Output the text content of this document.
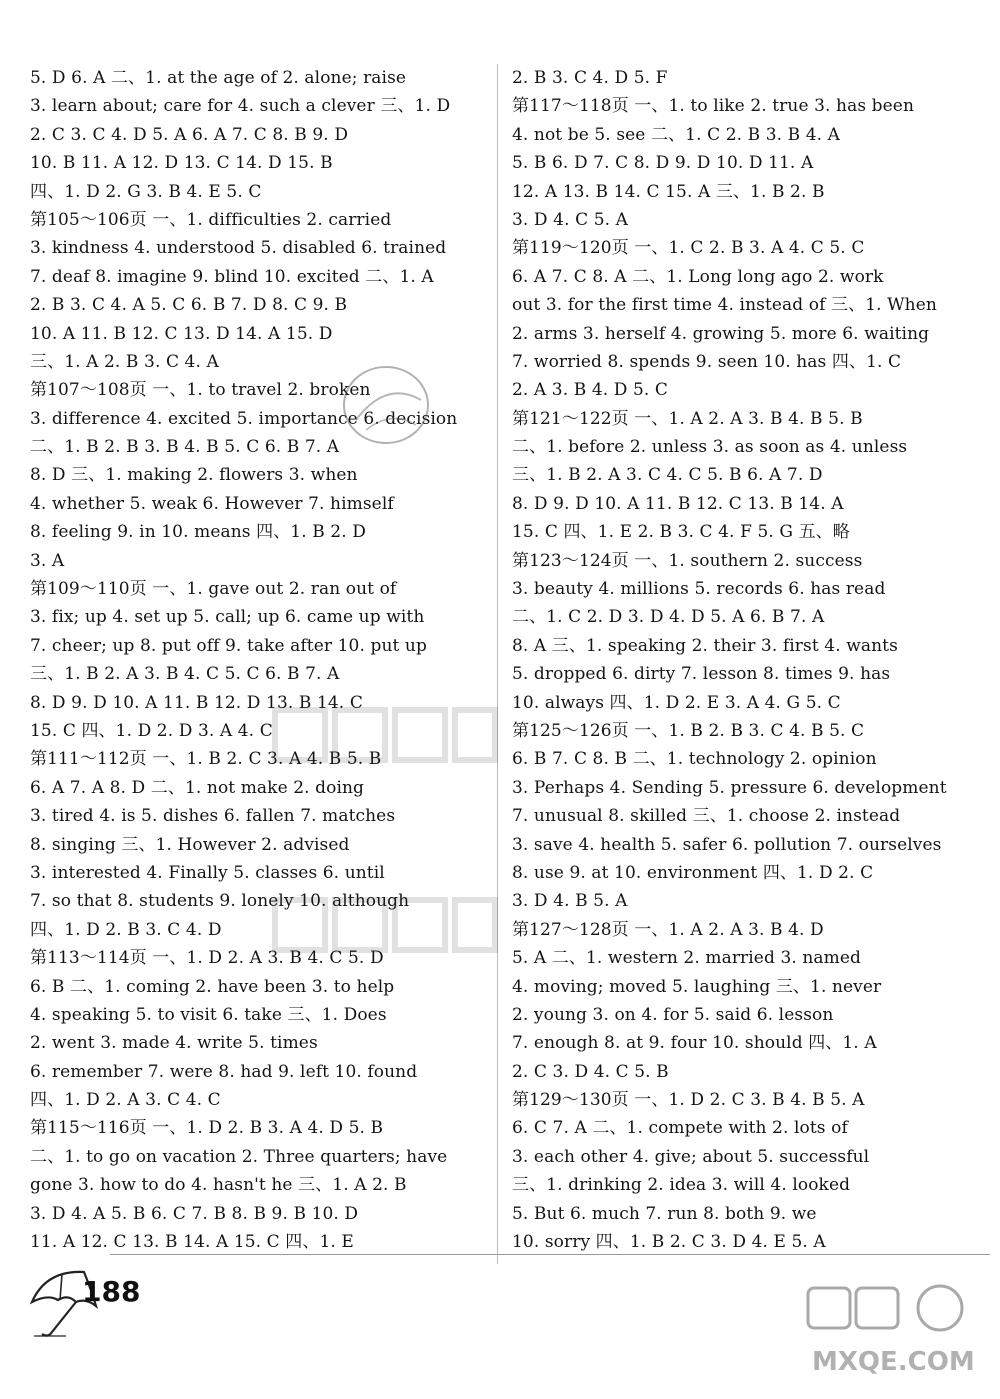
5. D 6. A 二、1. at the age of 2. alone; raise
3. learn about; care for 4. such a clever 三、1. D
2. C 3. C 4. D 5. A 6. A 7. C 8. B 9. D
10. B 11. A 12. D 13. C 14. D 15. B
四、1. D 2. G 3. B 4. E 5. C
第105～106页 一、1. difficulties 2. carried
3. kindness 4. understood 5. disabled 6. trained
7. deaf 8. imagine 9. blind 10. excited 二、1. A
2. B 3. C 4. A 5. C 6. B 7. D 8. C 9. B
10. A 11. B 12. C 13. D 14. A 15. D
三、1. A 2. B 3. C 4. A
第107～108页 一、1. to travel 2. broken
3. difference 4. excited 5. importance 6. decision
二、1. B 2. B 3. B 4. B 5. C 6. B 7. A
8. D 三、1. making 2. flowers 3. when
4. whether 5. weak 6. However 7. himself
8. feeling 9. in 10. means 四、1. B 2. D
3. A
第109～110页 一、1. gave out 2. ran out of
3. fix; up 4. set up 5. call; up 6. came up with
7. cheer; up 8. put off 9. take after 10. put up
三、1. B 2. A 3. B 4. C 5. C 6. B 7. A
8. D 9. D 10. A 11. B 12. D 13. B 14. C
15. C 四、1. D 2. D 3. A 4. C
第111～112页 一、1. B 2. C 3. A 4. B 5. B
6. A 7. A 8. D 二、1. not make 2. doing
3. tired 4. is 5. dishes 6. fallen 7. matches
8. singing 三、1. However 2. advised
3. interested 4. Finally 5. classes 6. until
7. so that 8. students 9. lonely 10. although
四、1. D 2. B 3. C 4. D
第113～114页 一、1. D 2. A 3. B 4. C 5. D
6. B 二、1. coming 2. have been 3. to help
4. speaking 5. to visit 6. take 三、1. Does
2. went 3. made 4. write 5. times
6. remember 7. were 8. had 9. left 10. found
四、1. D 2. A 3. C 4. C
第115～116页 一、1. D 2. B 3. A 4. D 5. B
二、1. to go on vacation 2. Three quarters; have
gone 3. how to do 4. hasn't he 三、1. A 2. B
3. D 4. A 5. B 6. C 7. B 8. B 9. B 10. D
11. A 12. C 13. B 14. A 15. C 四、1. E
2. B 3. C 4. D 5. F
第117～118页 一、1. to like 2. true 3. has been
4. not be 5. see 二、1. C 2. B 3. B 4. A
5. B 6. D 7. C 8. D 9. D 10. D 11. A
12. A 13. B 14. C 15. A 三、1. B 2. B
3. D 4. C 5. A
第119～120页 一、1. C 2. B 3. A 4. C 5. C
6. A 7. C 8. A 二、1. Long long ago 2. work
out 3. for the first time 4. instead of 三、1. When
2. arms 3. herself 4. growing 5. more 6. waiting
7. worried 8. spends 9. seen 10. has 四、1. C
2. A 3. B 4. D 5. C
第121～122页 一、1. A 2. A 3. B 4. B 5. B
二、1. before 2. unless 3. as soon as 4. unless
三、1. B 2. A 3. C 4. C 5. B 6. A 7. D
8. D 9. D 10. A 11. B 12. C 13. B 14. A
15. C 四、1. E 2. B 3. C 4. F 5. G 五、略
第123～124页 一、1. southern 2. success
3. beauty 4. millions 5. records 6. has read
二、1. C 2. D 3. D 4. D 5. A 6. B 7. A
8. A 三、1. speaking 2. their 3. first 4. wants
5. dropped 6. dirty 7. lesson 8. times 9. has
10. always 四、1. D 2. E 3. A 4. G 5. C
第125～126页 一、1. B 2. B 3. C 4. B 5. C
6. B 7. C 8. B 二、1. technology 2. opinion
3. Perhaps 4. Sending 5. pressure 6. development
7. unusual 8. skilled 三、1. choose 2. instead
3. save 4. health 5. safer 6. pollution 7. ourselves
8. use 9. at 10. environment 四、1. D 2. C
3. D 4. B 5. A
第127～128页 一、1. A 2. A 3. B 4. D
5. A 二、1. western 2. married 3. named
4. moving; moved 5. laughing 三、1. never
2. young 3. on 4. for 5. said 6. lesson
7. enough 8. at 9. four 10. should 四、1. A
2. C 3. D 4. C 5. B
第129～130页 一、1. D 2. C 3. B 4. B 5. A
6. C 7. A 二、1. compete with 2. lots of
3. each other 4. give; about 5. successful
三、1. drinking 2. idea 3. will 4. looked
5. But 6. much 7. run 8. both 9. we
10. sorry 四、1. B 2. C 3. D 4. E 5. A
188
MXQE.COM
